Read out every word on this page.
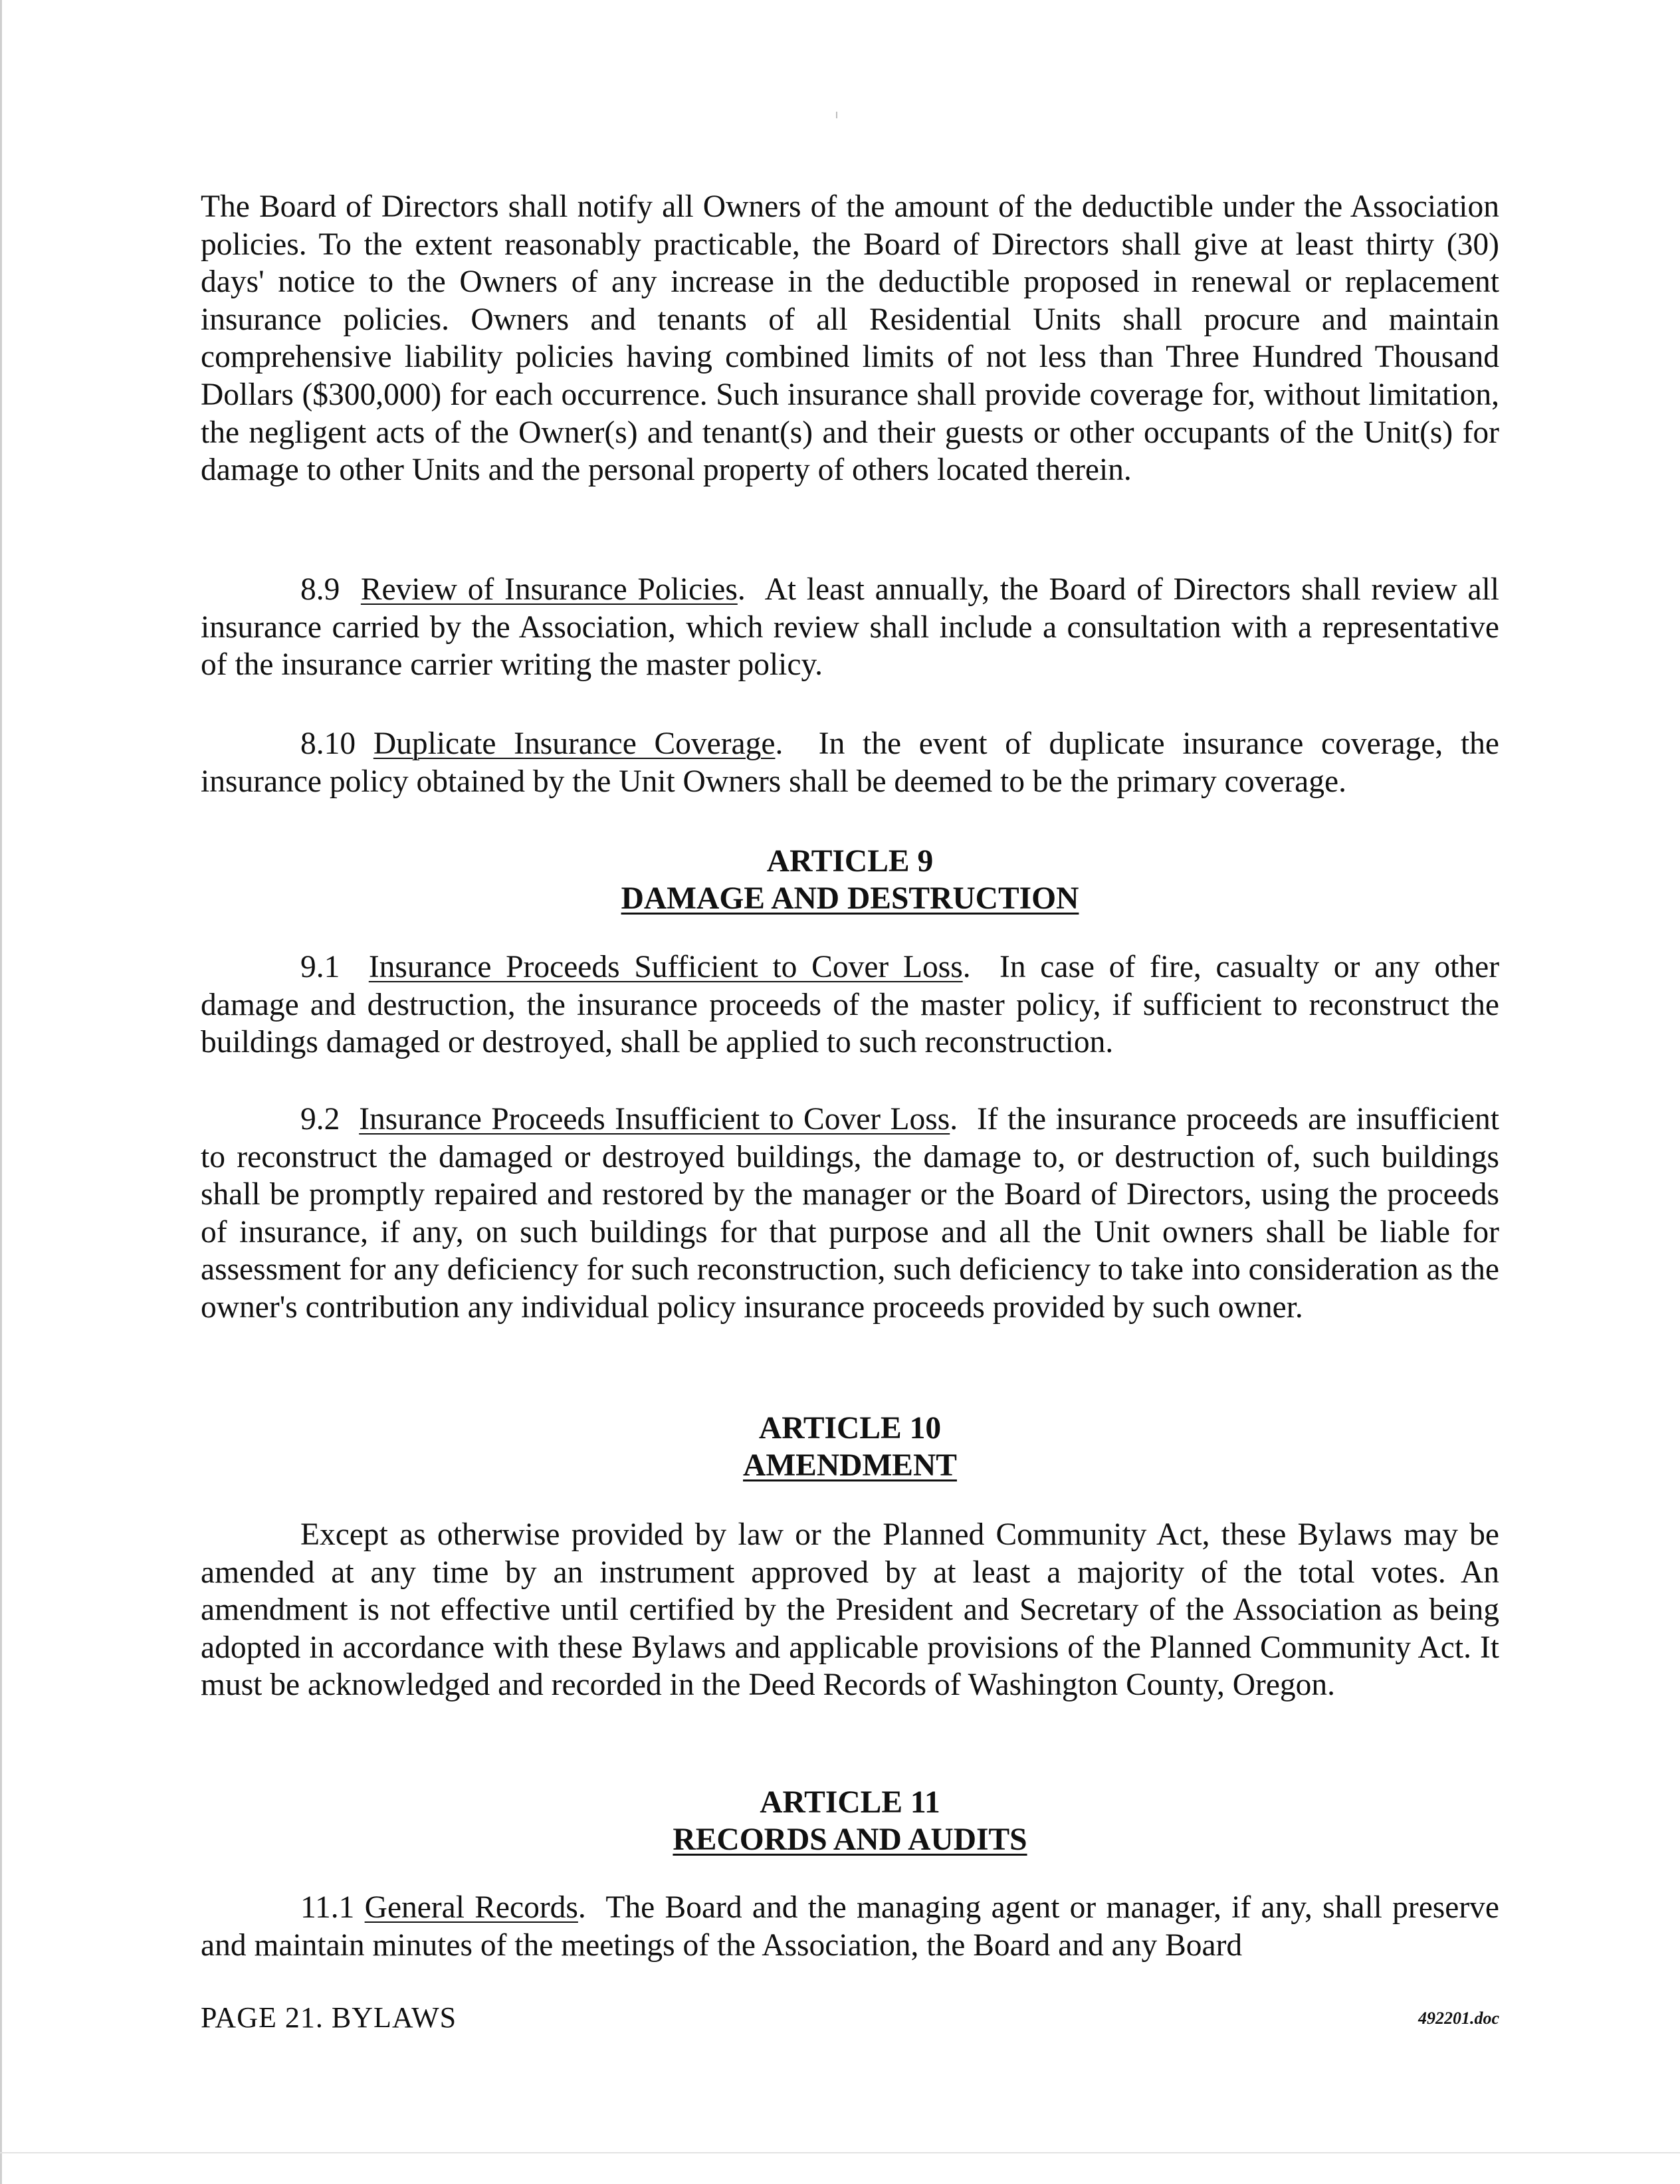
The Board of Directors shall notify all Owners of the amount of the deductible under the Association policies. To the extent reasonably practicable, the Board of Directors shall give at least thirty (30) days' notice to the Owners of any increase in the deductible proposed in renewal or replacement insurance policies. Owners and tenants of all Residential Units shall procure and maintain comprehensive liability policies having combined limits of not less than Three Hundred Thousand Dollars ($300,000) for each occurrence. Such insurance shall provide coverage for, without limitation, the negligent acts of the Owner(s) and tenant(s) and their guests or other occupants of the Unit(s) for damage to other Units and the personal property of others located therein.

8.9 Review of Insurance Policies.  At least annually, the Board of Directors shall review all insurance carried by the Association, which review shall include a consultation with a representative of the insurance carrier writing the master policy.

8.10 Duplicate Insurance Coverage.  In the event of duplicate insurance coverage, the insurance policy obtained by the Unit Owners shall be deemed to be the primary coverage.

ARTICLE 9
DAMAGE AND DESTRUCTION

9.1 Insurance Proceeds Sufficient to Cover Loss.  In case of fire, casualty or any other damage and destruction, the insurance proceeds of the master policy, if sufficient to reconstruct the buildings damaged or destroyed, shall be applied to such reconstruction.

9.2 Insurance Proceeds Insufficient to Cover Loss.  If the insurance proceeds are insufficient to reconstruct the damaged or destroyed buildings, the damage to, or destruction of, such buildings shall be promptly repaired and restored by the manager or the Board of Directors, using the proceeds of insurance, if any, on such buildings for that purpose and all the Unit owners shall be liable for assessment for any deficiency for such reconstruction, such deficiency to take into consideration as the owner's contribution any individual policy insurance proceeds provided by such owner.

ARTICLE 10
AMENDMENT

Except as otherwise provided by law or the Planned Community Act, these Bylaws may be amended at any time by an instrument approved by at least a majority of the total votes. An amendment is not effective until certified by the President and Secretary of the Association as being adopted in accordance with these Bylaws and applicable provisions of the Planned Community Act. It must be acknowledged and recorded in the Deed Records of Washington County, Oregon.

ARTICLE 11
RECORDS AND AUDITS

11.1 General Records.  The Board and the managing agent or manager, if any, shall preserve and maintain minutes of the meetings of the Association, the Board and any Board

PAGE 21. BYLAWS	492201.doc
